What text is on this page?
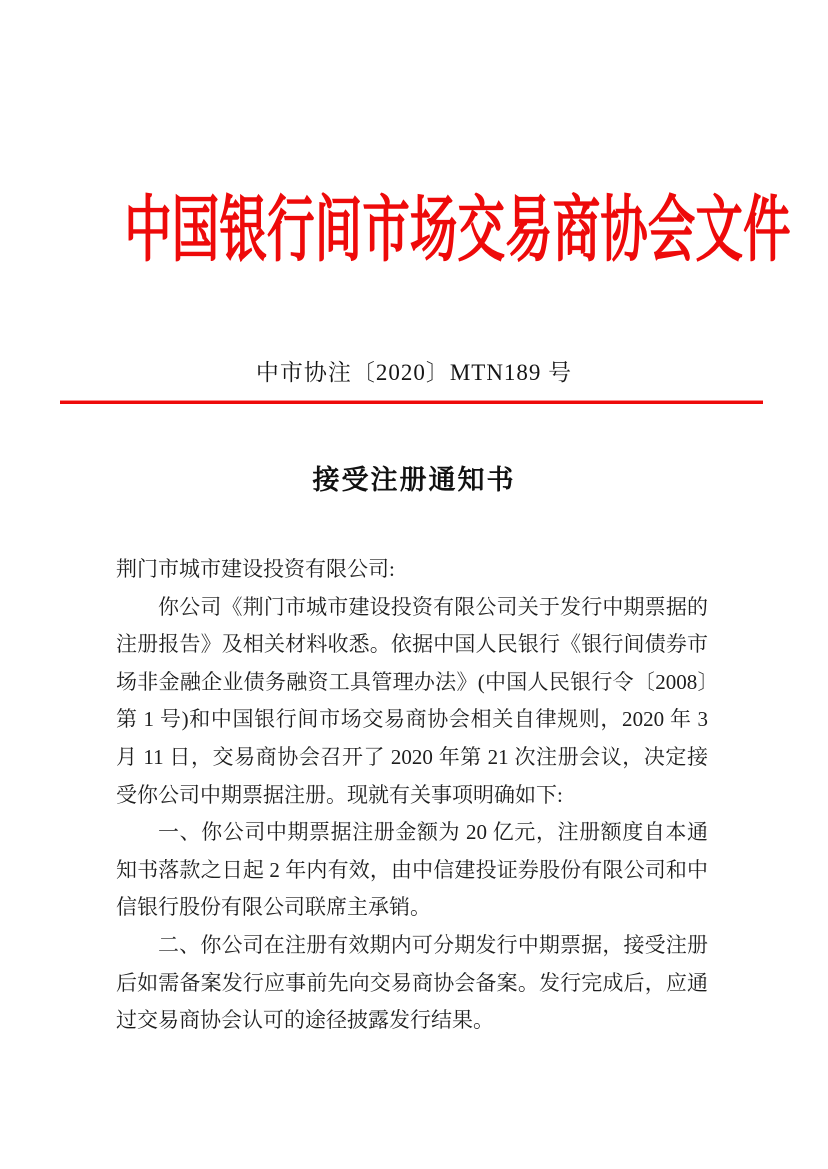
中国银行间市场交易商协会文件
中市协注〔2020〕MTN189 号
接受注册通知书

荆门市城市建设投资有限公司:

你公司《荆门市城市建设投资有限公司关于发行中期票据的注册报告》及相关材料收悉。依据中国人民银行《银行间债券市场非金融企业债务融资工具管理办法》(中国人民银行令〔2008〕第 1 号)和中国银行间市场交易商协会相关自律规则，2020 年 3 月 11 日，交易商协会召开了 2020 年第 21 次注册会议，决定接受你公司中期票据注册。现就有关事项明确如下:

一、你公司中期票据注册金额为 20 亿元，注册额度自本通知书落款之日起 2 年内有效，由中信建投证券股份有限公司和中信银行股份有限公司联席主承销。

二、你公司在注册有效期内可分期发行中期票据，接受注册后如需备案发行应事前先向交易商协会备案。发行完成后，应通过交易商协会认可的途径披露发行结果。
